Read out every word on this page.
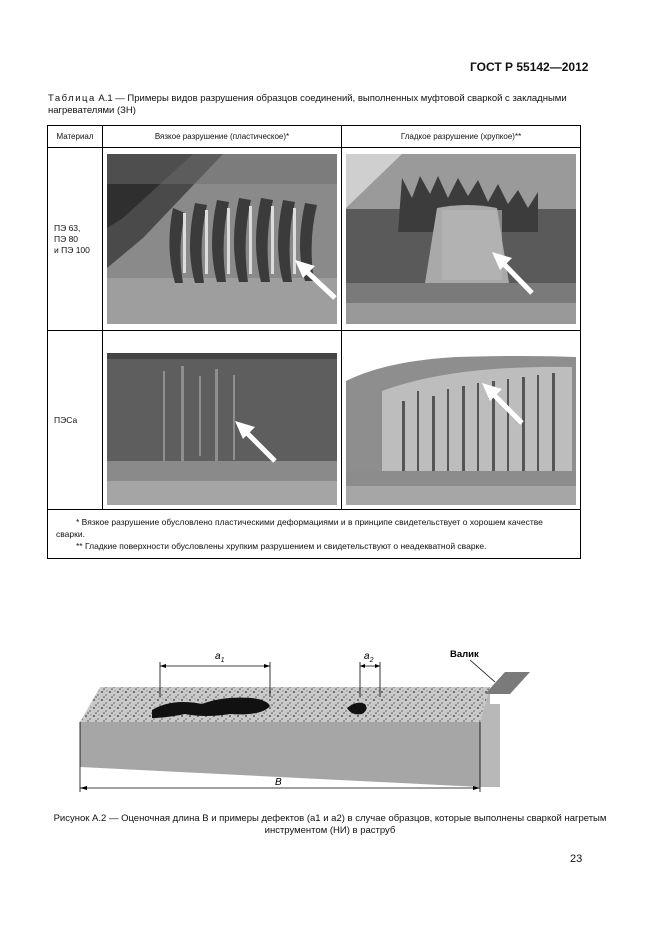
ГОСТ Р 55142—2012
Таблица А.1 — Примеры видов разрушения образцов соединений, выполненных муфтовой сваркой с закладными нагревателями (ЗН)
Материал	Вязкое разрушение (пластическое)*	Гладкое разрушение (хрупкое)**

ПЭ 63,
ПЭ 80
и ПЭ 100

ПЭСа

* Вязкое разрушение обусловлено пластическими деформациями и в принципе свидетельствует о хорошем качестве сварки.

** Гладкие поверхности обусловлены хрупким разрушением и свидетельствуют о неадекватной сварке.		

$a_1$	$a_2$
B
Валик
Рисунок А.2 — Оценочная длина B и примеры дефектов (a1 и a2) в случае образцов, которые выполнены сваркой нагретым инструментом (НИ) в раструб
23
